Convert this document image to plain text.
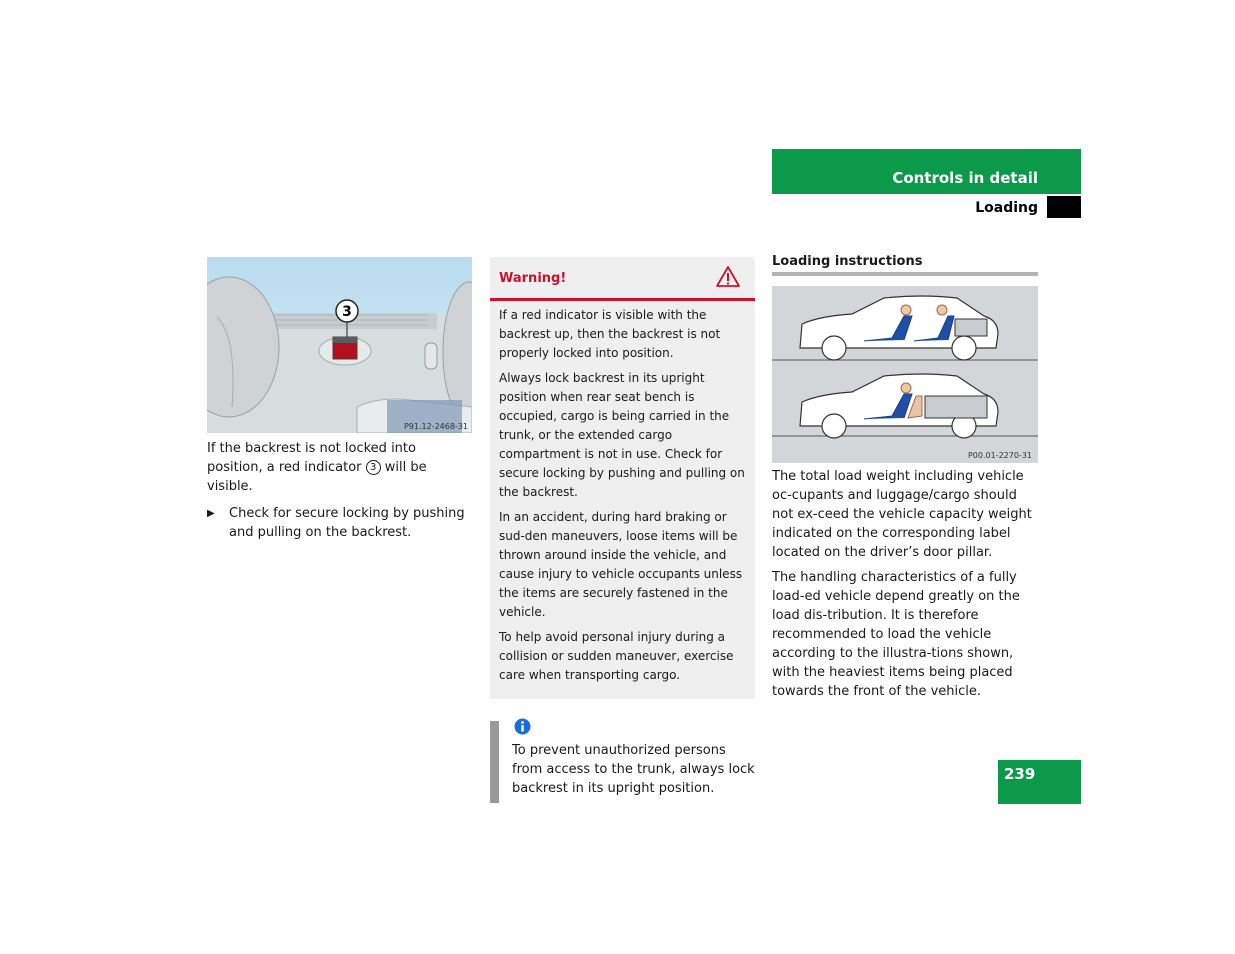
Controls in detail
Loading
3
P91.12-2468-31

If the backrest is not locked into position, a red indicator 3 will be visible.

▶ Check for secure locking by pushing and pulling on the backrest.
Warning!

If a red indicator is visible with the backrest up, then the backrest is not properly locked into position.

Always lock backrest in its upright position when rear seat bench is occupied, cargo is being carried in the trunk, or the extended cargo compartment is not in use. Check for secure locking by pushing and pulling on the backrest.

In an accident, during hard braking or sud-den maneuvers, loose items will be thrown around inside the vehicle, and cause injury to vehicle occupants unless the items are securely fastened in the vehicle.

To help avoid personal injury during a collision or sudden maneuver, exercise care when transporting cargo.

To prevent unauthorized persons from access to the trunk, always lock backrest in its upright position.
Loading instructions
P00.01-2270-31

The total load weight including vehicle oc-cupants and luggage/cargo should not ex-ceed the vehicle capacity weight indicated on the corresponding label located on the driver’s door pillar.

The handling characteristics of a fully load-ed vehicle depend greatly on the load dis-tribution. It is therefore recommended to load the vehicle according to the illustra-tions shown, with the heaviest items being placed towards the front of the vehicle.

239
